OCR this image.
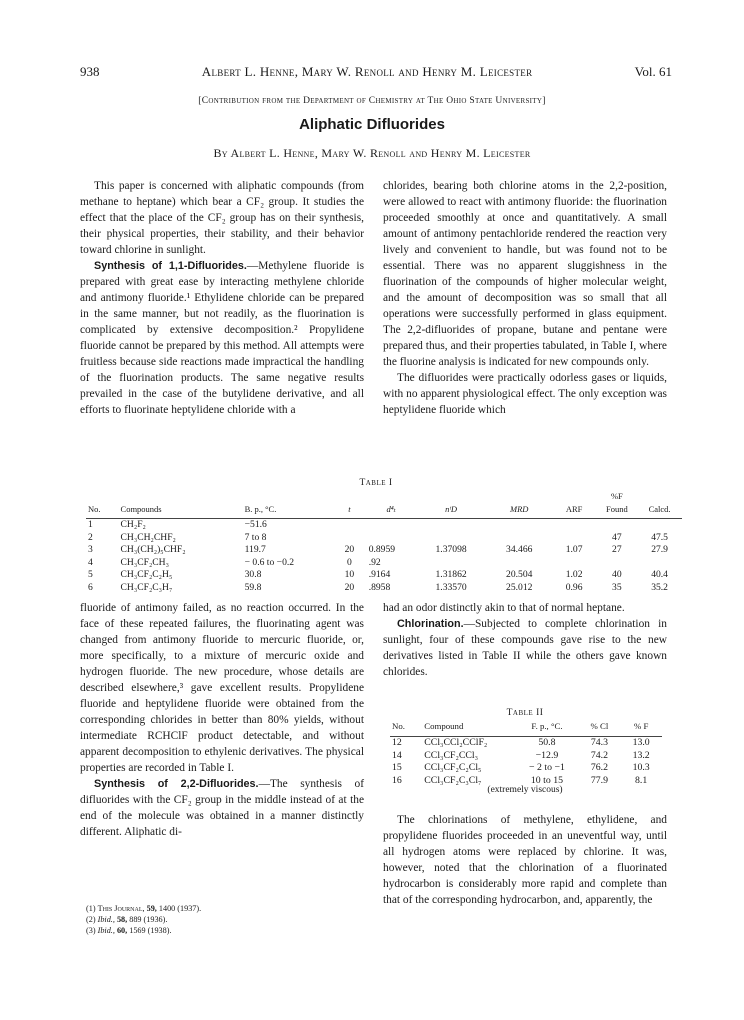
938	Albert L. Henne, Mary W. Renoll and Henry M. Leicester	Vol. 61
[Contribution from the Department of Chemistry at The Ohio State University]
Aliphatic Difluorides
By Albert L. Henne, Mary W. Renoll and Henry M. Leicester

This paper is concerned with aliphatic compounds (from methane to heptane) which bear a CF₂ group. It studies the effect that the place of the CF₂ group has on their synthesis, their physical properties, their stability, and their behavior toward chlorine in sunlight.

Synthesis of 1,1-Difluorides.—Methylene fluoride is prepared with great ease by interacting methylene chloride and antimony fluoride.¹ Ethylidene chloride can be prepared in the same manner, but not readily, as the fluorination is complicated by extensive decomposition.² Propylidene fluoride cannot be prepared by this method. All attempts were fruitless because side reactions made impractical the handling of the fluorination products. The same negative results prevailed in the case of the butylidene derivative, and all efforts to fluorinate heptylidene chloride with a

chlorides, bearing both chlorine atoms in the 2,2-position, were allowed to react with antimony fluoride: the fluorination proceeded smoothly at once and quantitatively. A small amount of antimony pentachloride rendered the reaction very lively and convenient to handle, but was found not to be essential. There was no apparent sluggishness in the fluorination of the compounds of higher molecular weight, and the amount of decomposition was so small that all operations were successfully performed in glass equipment. The 2,2-difluorides of propane, butane and pentane were prepared thus, and their properties tabulated, in Table I, where the fluorine analysis is indicated for new compounds only.

The difluorides were practically odorless gases or liquids, with no apparent physiological effect. The only exception was heptylidene fluoride which

Table I
No.	Compounds	B. p., °C.	t	d⁴ₜ	nᵗD	MRD	ARF	%F
Found	Calcd.
1	CH₂F₂	−51.6							
2	CH₃CH₂CHF₂	7 to 8						47	47.5
3	CH₃(CH₂)₅CHF₂	119.7	20	0.8959	1.37098	34.466	1.07	27	27.9
4	CH₃CF₂CH₃	− 0.6 to −0.2	0	.92					
5	CH₃CF₂C₂H₅	30.8	10	.9164	1.31862	20.504	1.02	40	40.4
6	CH₃CF₂C₃H₇	59.8	20	.8958	1.33570	25.012	0.96	35	35.2

fluoride of antimony failed, as no reaction occurred. In the face of these repeated failures, the fluorinating agent was changed from antimony fluoride to mercuric fluoride, or, more specifically, to a mixture of mercuric oxide and hydrogen fluoride. The new procedure, whose details are described elsewhere,³ gave excellent results. Propylidene fluoride and heptylidene fluoride were obtained from the corresponding chlorides in better than 80% yields, without intermediate RCHClF product detectable, and without apparent decomposition to ethylenic derivatives. The physical properties are recorded in Table I.

Synthesis of 2,2-Difluorides.—The synthesis of difluorides with the CF₂ group in the middle instead of at the end of the molecule was obtained in a manner distinctly different. Aliphatic di-

had an odor distinctly akin to that of normal heptane.

Chlorination.—Subjected to complete chlorination in sunlight, four of these compounds gave rise to the new derivatives listed in Table II while the others gave known chlorides.

Table II
No.	Compound	F. p., °C.	% Cl	% F
12	CCl₃CCl₂CClF₂	50.8	74.3	13.0
14	CCl₃CF₂CCl₃	−12.9	74.2	13.2
15	CCl₃CF₂C₂Cl₅	− 2 to −1	76.2	10.3
16	CCl₃CF₂C₃Cl₇	10 to 15	77.9	8.1
(extremely viscous)

The chlorinations of methylene, ethylidene, and propylidene fluorides proceeded in an uneventful way, until all hydrogen atoms were replaced by chlorine. It was, however, noted that the chlorination of a fluorinated hydrocarbon is considerably more rapid and complete than that of the corresponding hydrocarbon, and, apparently, the

(1) This Journal, 59, 1400 (1937).
(2) Ibid., 58, 889 (1936).
(3) Ibid., 60, 1569 (1938).
